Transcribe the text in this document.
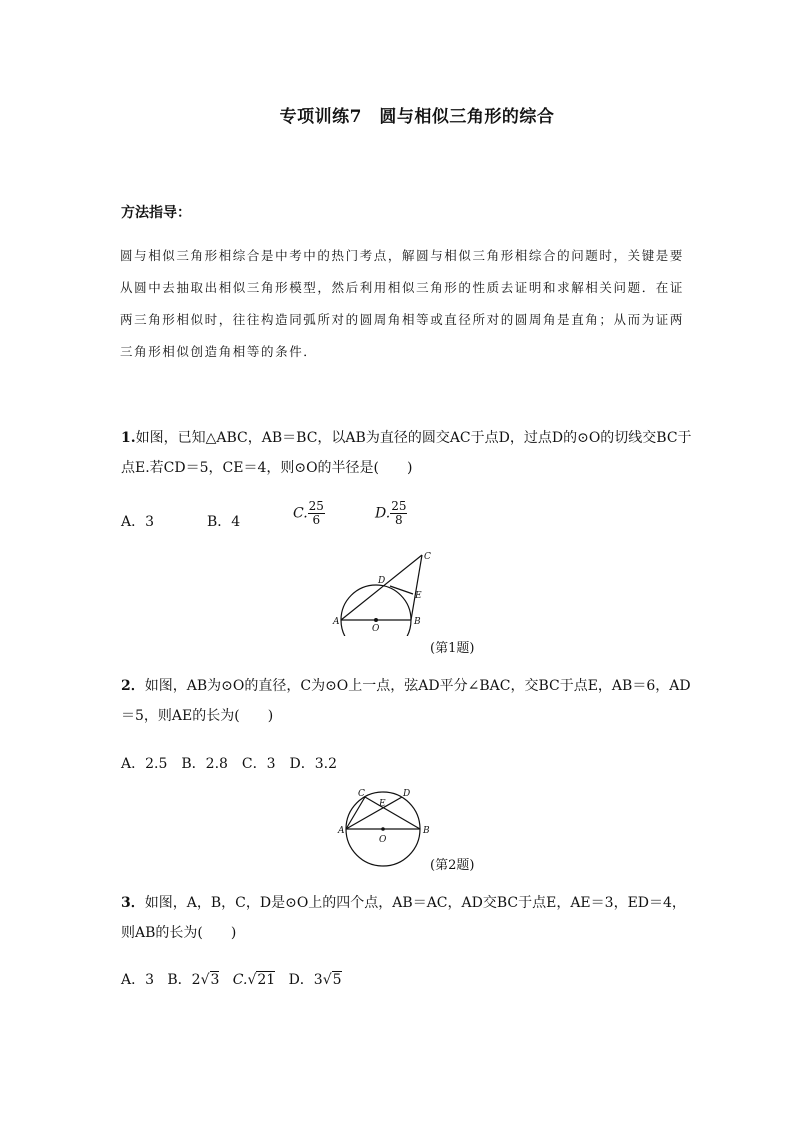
专项训练7　圆与相似三角形的综合
方法指导：
圆与相似三角形相综合是中考中的热门考点，解圆与相似三角形相综合的问题时，关键是要从圆中去抽取出相似三角形模型，然后利用相似三角形的性质去证明和求解相关问题．在证两三角形相似时，往往构造同弧所对的圆周角相等或直径所对的圆周角是直角；从而为证两三角形相似创造角相等的条件．
1.如图，已知△ABC，AB＝BC，以AB为直径的圆交AC于点D，过点D的⊙O的切线交BC于点E.若CD＝5，CE＝4，则⊙O的半径是(　　)
A．3	B．4
C. $\frac{25}{6}$	D. $\frac{25}{8}$
A	B
C
D
E
O
(第1题)
2．如图，AB为⊙O的直径，C为⊙O上一点，弦AD平分∠BAC，交BC于点E，AB＝6，AD＝5，则AE的长为(　　)
A．2.5　B．2.8　C．3　D．3.2
A	B
C	D
E
O
(第2题)
3．如图，A，B，C，D是⊙O上的四个点，AB＝AC，AD交BC于点E，AE＝3，ED＝4，则AB的长为(　　)
A．3 B．2√3 C.√21 D．3√5
